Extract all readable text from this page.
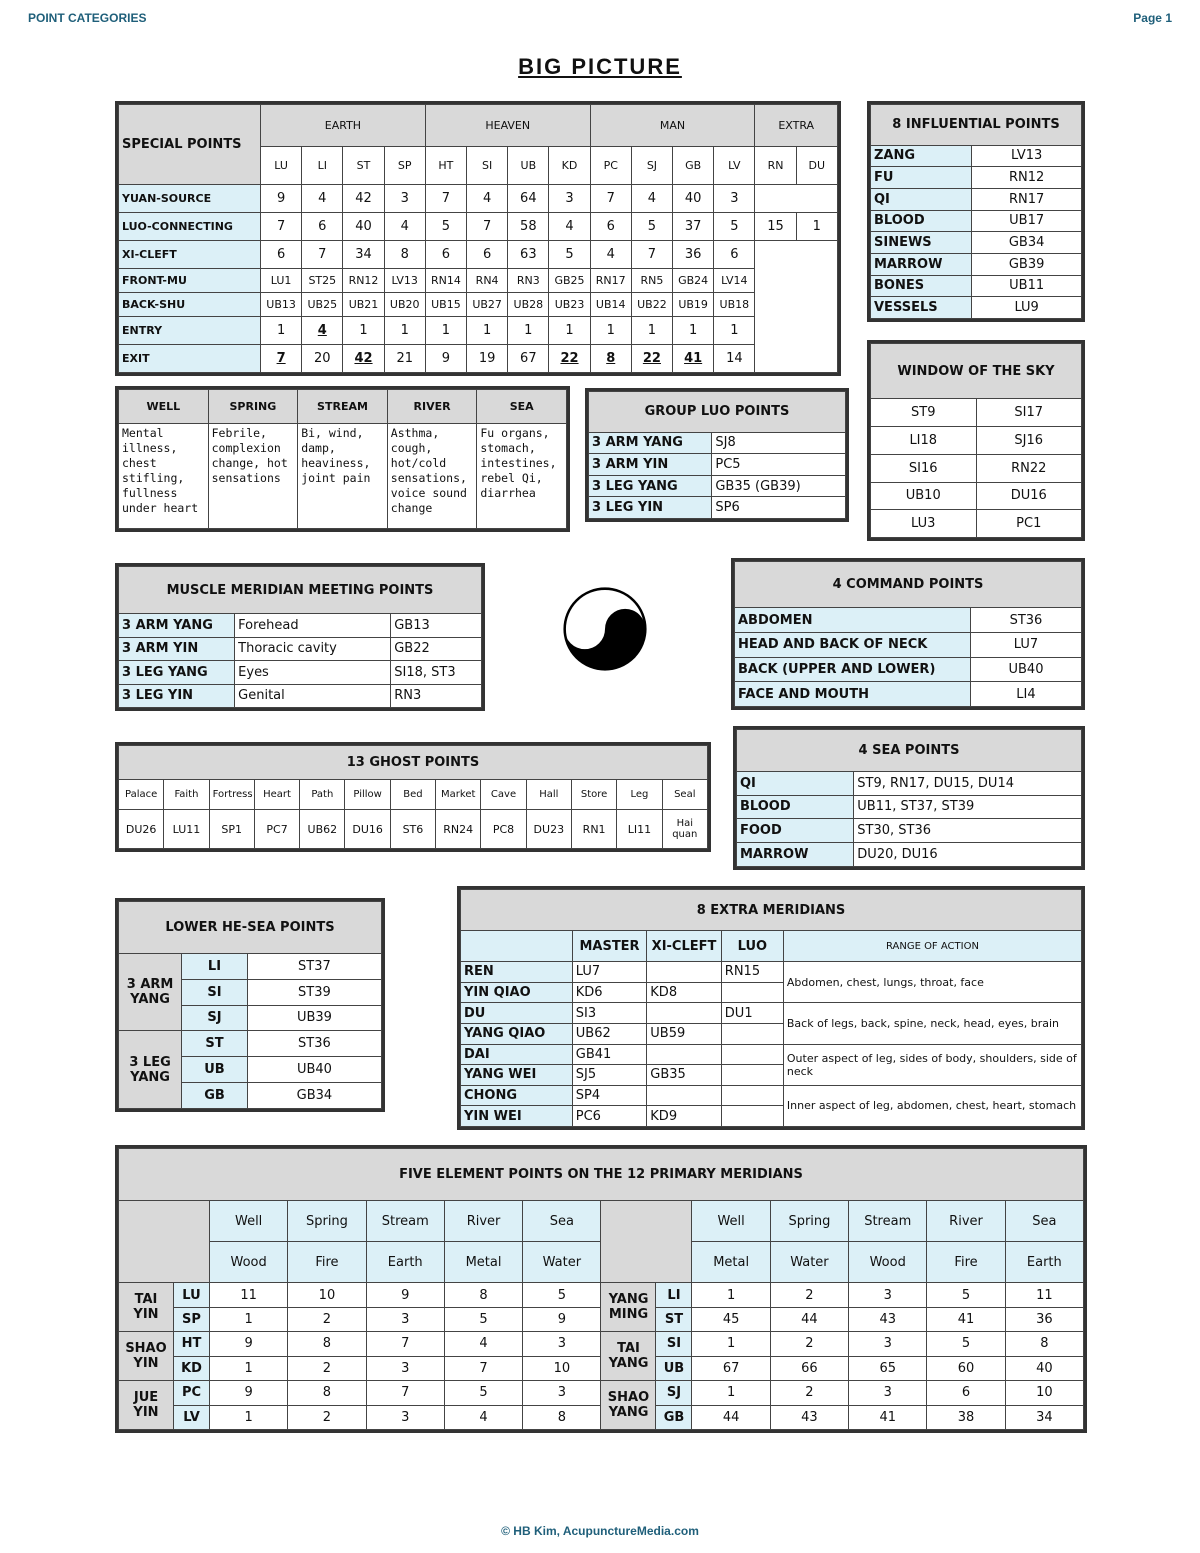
POINT CATEGORIES	Page 1
BIG PICTURE
SPECIAL POINTS	EARTH				HEAVEN				MAN				EXTRA	
	LU	LI	ST	SP	HT	SI	UB	KD	PC	SJ	GB	LV	RN	DU
YUAN-SOURCE	9	4	42	3	7	4	64	3	7	4	40	3		
LUO-CONNECTING	7	6	40	4	5	7	58	4	6	5	37	5	15	1
XI-CLEFT	6	7	34	8	6	6	63	5	4	7	36	6		
FRONT-MU	LU1	ST25	RN12	LV13	RN14	RN4	RN3	GB25	RN17	RN5	GB24	LV14		
BACK-SHU	UB13	UB25	UB21	UB20	UB15	UB27	UB28	UB23	UB14	UB22	UB19	UB18		
ENTRY	1	4	1	1	1	1	1	1	1	1	1	1		
EXIT	7	20	42	21	9	19	67	22	8	22	41	14		
8 INFLUENTIAL POINTS	
ZANG	LV13
FU	RN12
QI	RN17
BLOOD	UB17
SINEWS	GB34
MARROW	GB39
BONES	UB11
VESSELS	LU9
WINDOW OF THE SKY	
ST9	SI17
LI18	SJ16
SI16	RN22
UB10	DU16
LU3	PC1
WELL	SPRING	STREAM	RIVER	SEA
Mental illness, chest stifling, fullness under heart	Febrile, complexion change, hot sensations	Bi, wind, damp, heaviness, joint pain	Asthma, cough, hot/cold sensations, voice sound change	Fu organs, stomach, intestines, rebel Qi, diarrhea
GROUP LUO POINTS	
3 ARM YANG	SJ8
3 ARM YIN	PC5
3 LEG YANG	GB35 (GB39)
3 LEG YIN	SP6
MUSCLE MERIDIAN MEETING POINTS		
3 ARM YANG	Forehead	GB13
3 ARM YIN	Thoracic cavity	GB22
3 LEG YANG	Eyes	SI18, ST3
3 LEG YIN	Genital	RN3
4 COMMAND POINTS	
ABDOMEN	ST36
HEAD AND BACK OF NECK	LU7
BACK (UPPER AND LOWER)	UB40
FACE AND MOUTH	LI4
13 GHOST POINTS												
Palace	Faith	Fortress	Heart	Path	Pillow	Bed	Market	Cave	Hall	Store	Leg	Seal
DU26	LU11	SP1	PC7	UB62	DU16	ST6	RN24	PC8	DU23	RN1	LI11	Hai quan
4 SEA POINTS	
QI	ST9, RN17, DU15, DU14
BLOOD	UB11, ST37, ST39
FOOD	ST30, ST36
MARROW	DU20, DU16
LOWER HE-SEA POINTS		
3 ARM YANG	LI	ST37
	SI	ST39
	SJ	UB39
3 LEG YANG	ST	ST36
	UB	UB40
	GB	GB34
8 EXTRA MERIDIANS				
	MASTER	XI-CLEFT	LUO	RANGE OF ACTION
REN	LU7		RN15	Abdomen, chest, lungs, throat, face
YIN QIAO	KD6	KD8		
DU	SI3		DU1	Back of legs, back, spine, neck, head, eyes, brain
YANG QIAO	UB62	UB59		
DAI	GB41			Outer aspect of leg, sides of body, shoulders, side of neck
YANG WEI	SJ5	GB35		
CHONG	SP4			Inner aspect of leg, abdomen, chest, heart, stomach
YIN WEI	PC6	KD9		
FIVE ELEMENT POINTS ON THE 12 PRIMARY MERIDIANS													
		Well	Spring	Stream	River	Sea			Well	Spring	Stream	River	Sea
		Wood	Fire	Earth	Metal	Water			Metal	Water	Wood	Fire	Earth
TAI YIN	LU	11	10	9	8	5	YANG MING	LI	1	2	3	5	11
	SP	1	2	3	5	9		ST	45	44	43	41	36
SHAO YIN	HT	9	8	7	4	3	TAI YANG	SI	1	2	3	5	8
	KD	1	2	3	7	10		UB	67	66	65	60	40
JUE YIN	PC	9	8	7	5	3	SHAO YANG	SJ	1	2	3	6	10
	LV	1	2	3	4	8		GB	44	43	41	38	34
© HB Kim, AcupunctureMedia.com
